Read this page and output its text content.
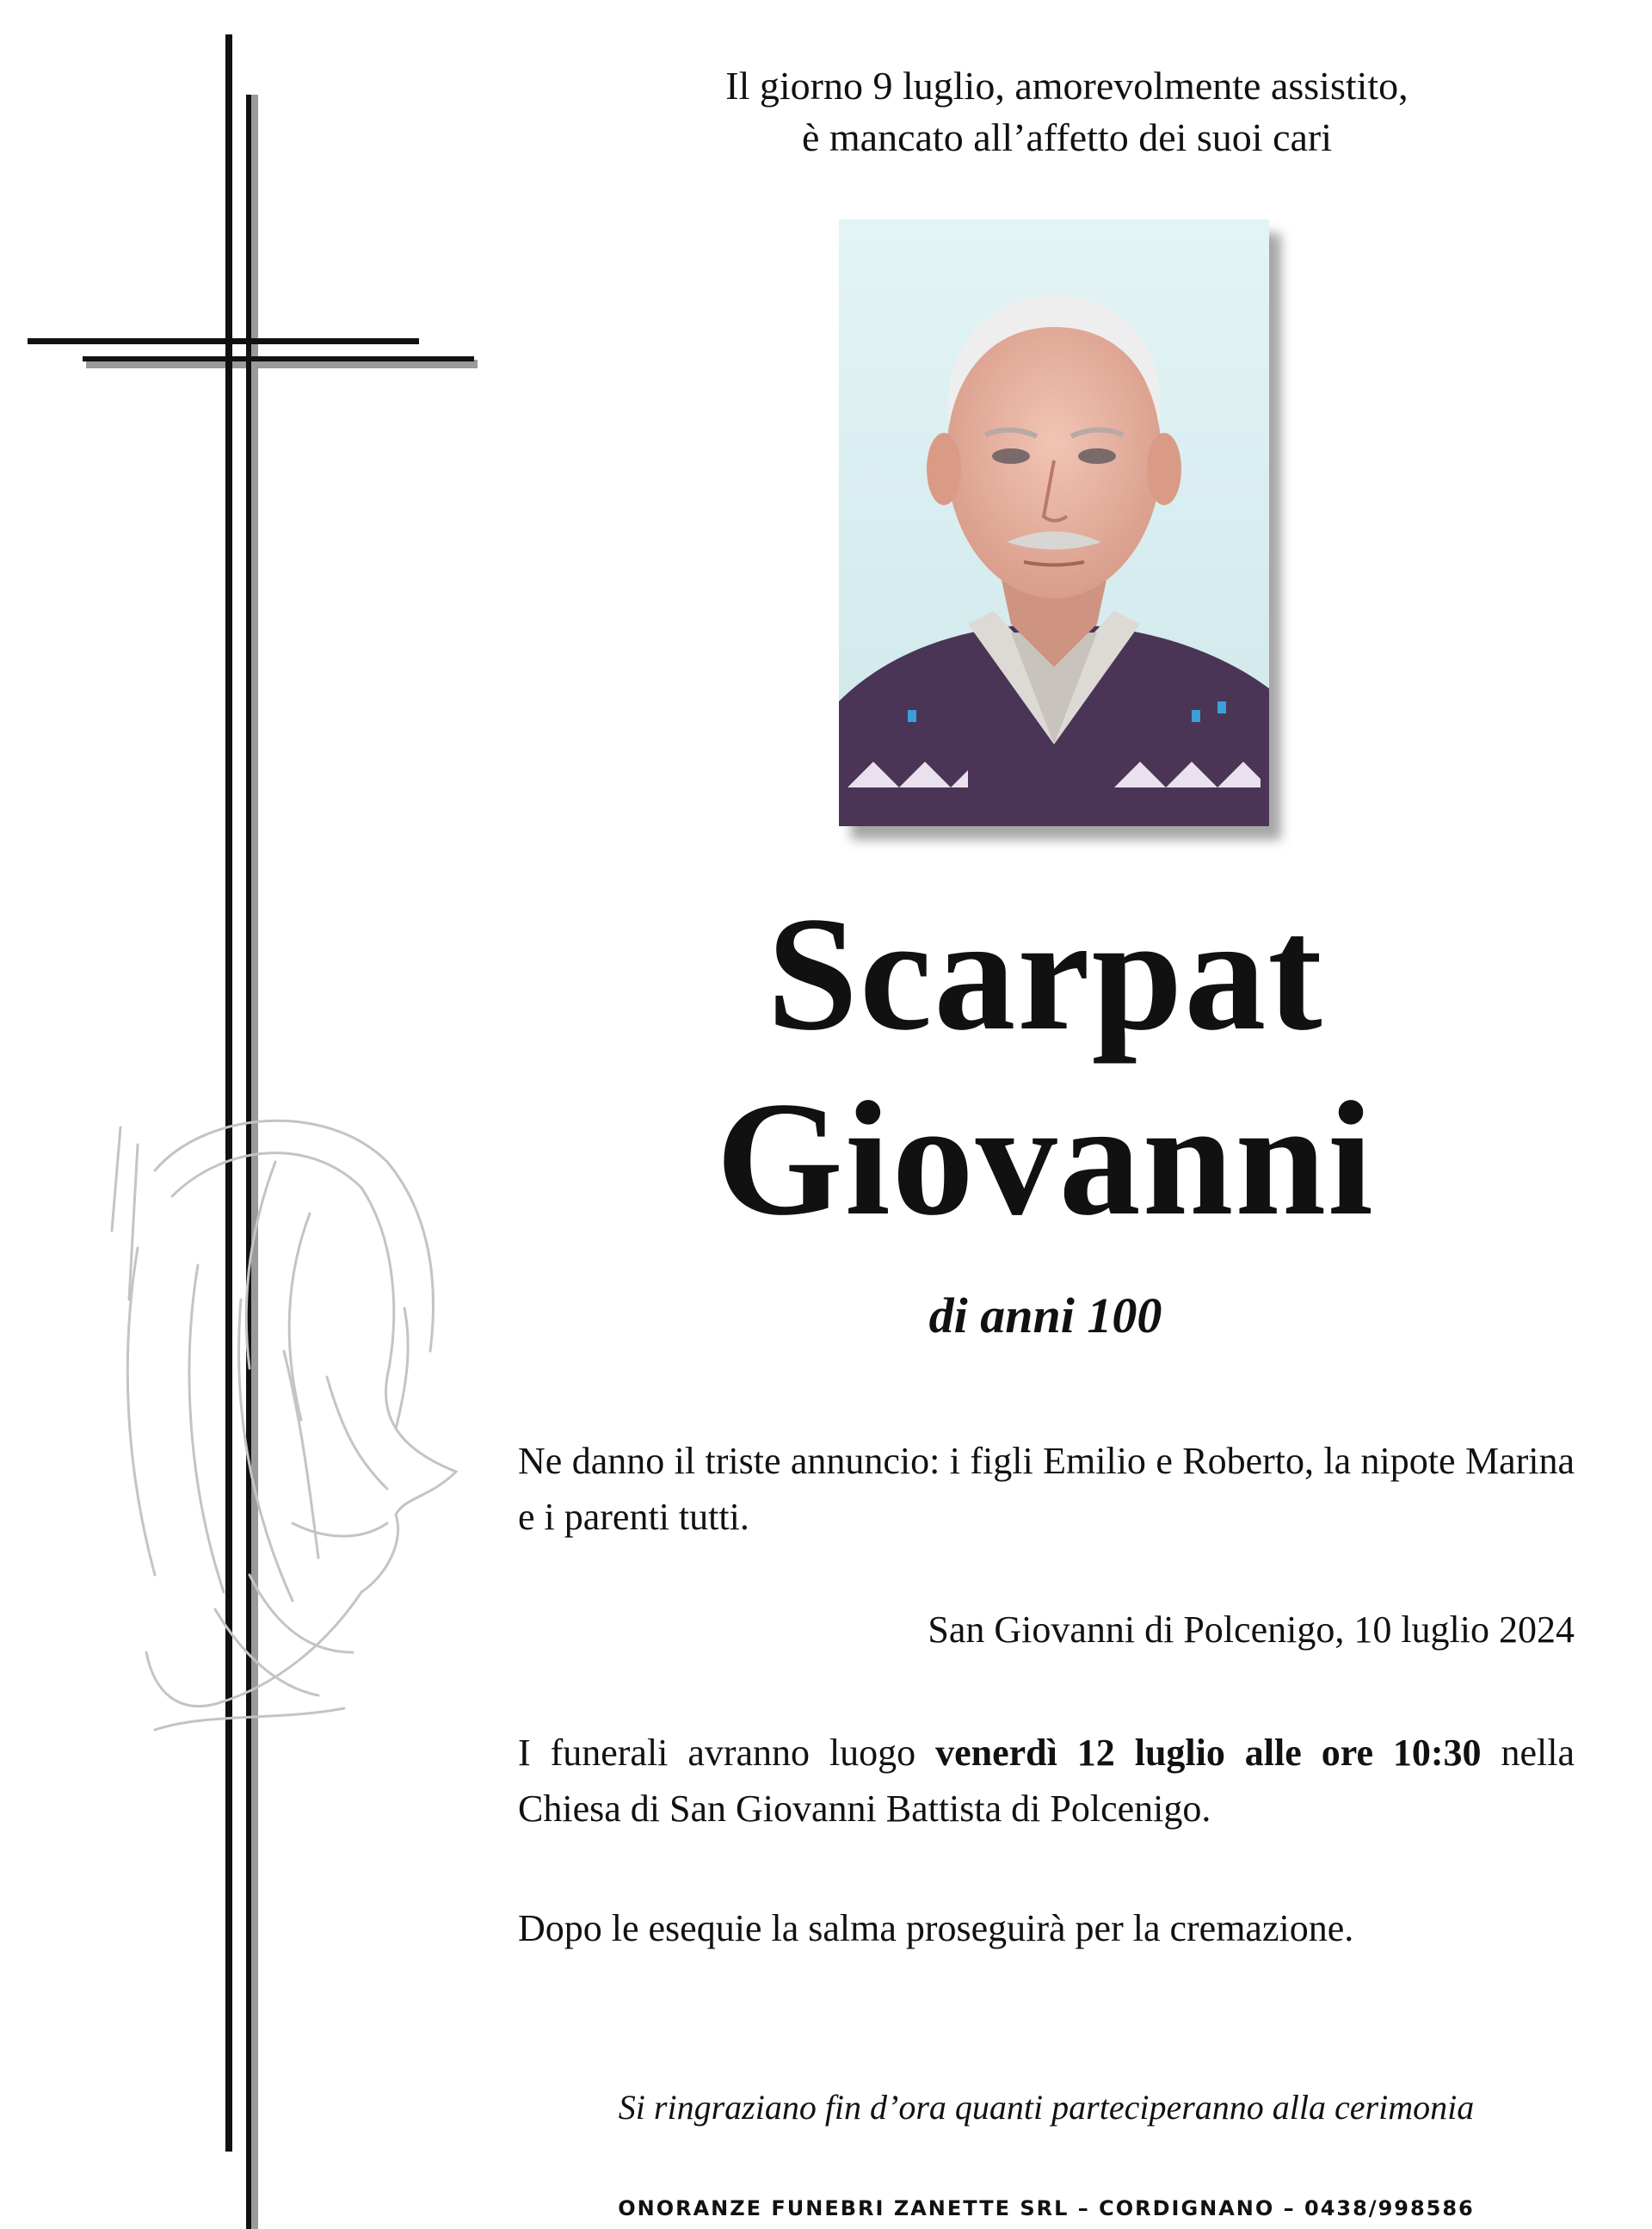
Il giorno 9 luglio, amorevolmente assistito,
è mancato all’affetto dei suoi cari
Scarpat
Giovanni
di anni 100
Ne danno il triste annuncio: i figli Emilio e Roberto, la nipote Marina e i parenti tutti.
San Giovanni di Polcenigo, 10 luglio 2024
I funerali avranno luogo venerdì 12 luglio alle ore 10:30 nella Chiesa di San Giovanni Battista di Polcenigo.
Dopo le esequie la salma proseguirà per la cremazione.
Si ringraziano fin d’ora quanti parteciperanno alla cerimonia
ONORANZE FUNEBRI ZANETTE SRL – CORDIGNANO – 0438/998586
